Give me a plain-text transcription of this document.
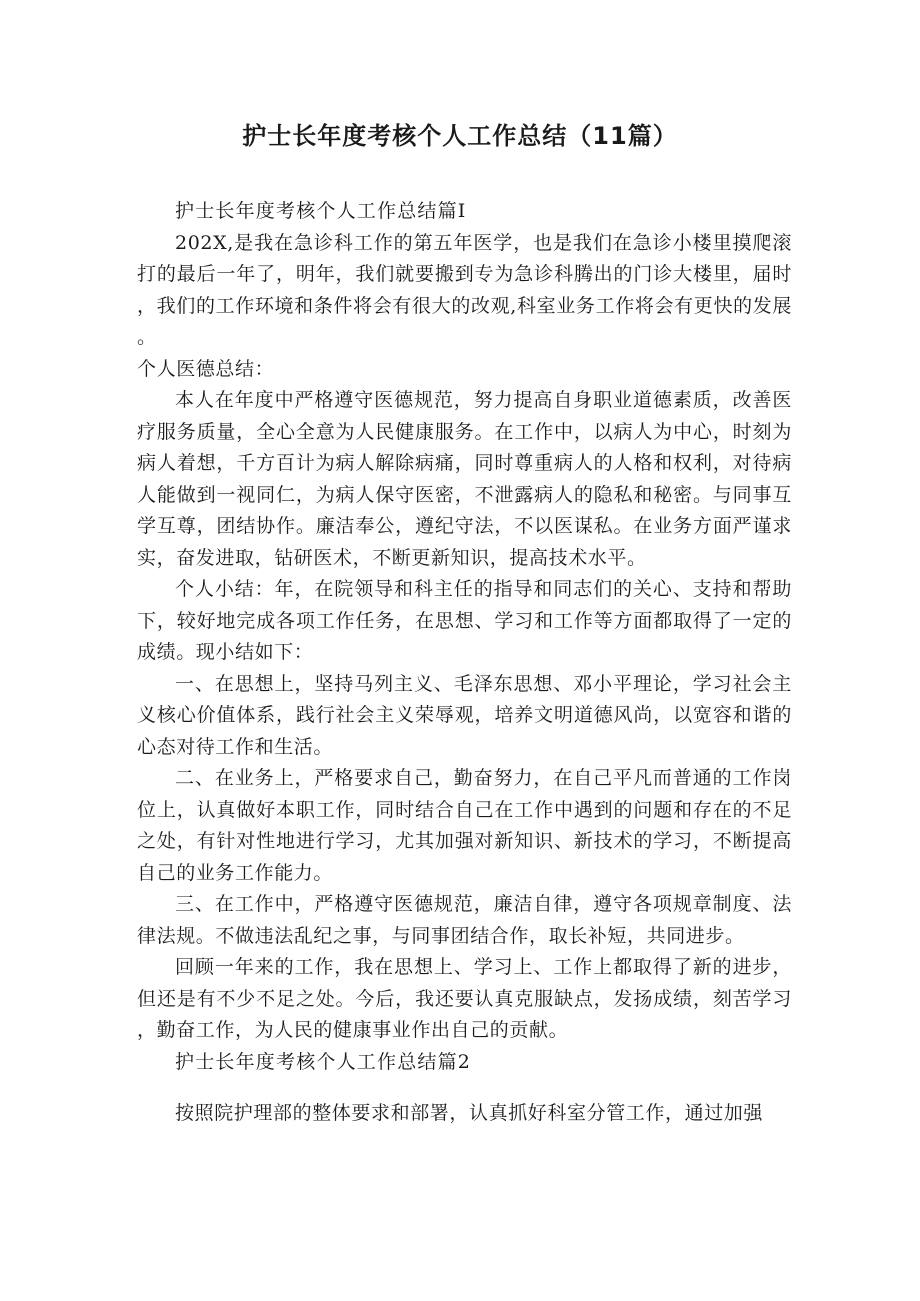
护士长年度考核个人工作总结（11篇）

护士长年度考核个人工作总结篇I

202X,是我在急诊科工作的第五年医学，也是我们在急诊小楼里摸爬滚打的最后一年了，明年，我们就要搬到专为急诊科腾出的门诊大楼里，届时，我们的工作环境和条件将会有很大的改观,科室业务工作将会有更快的发展。

个人医德总结：

本人在年度中严格遵守医德规范，努力提高自身职业道德素质，改善医疗服务质量，全心全意为人民健康服务。在工作中，以病人为中心，时刻为病人着想，千方百计为病人解除病痛，同时尊重病人的人格和权利，对待病人能做到一视同仁，为病人保守医密，不泄露病人的隐私和秘密。与同事互学互尊，团结协作。廉洁奉公，遵纪守法，不以医谋私。在业务方面严谨求实，奋发进取，钻研医术，不断更新知识，提高技术水平。

个人小结：年，在院领导和科主任的指导和同志们的关心、支持和帮助下，较好地完成各项工作任务，在思想、学习和工作等方面都取得了一定的成绩。现小结如下：

一、在思想上，坚持马列主义、毛泽东思想、邓小平理论，学习社会主义核心价值体系，践行社会主义荣辱观，培养文明道德风尚，以宽容和谐的心态对待工作和生活。

二、在业务上，严格要求自己，勤奋努力，在自己平凡而普通的工作岗位上，认真做好本职工作，同时结合自己在工作中遇到的问题和存在的不足之处，有针对性地进行学习，尤其加强对新知识、新技术的学习，不断提高自己的业务工作能力。

三、在工作中，严格遵守医德规范，廉洁自律，遵守各项规章制度、法律法规。不做违法乱纪之事，与同事团结合作，取长补短，共同进步。

回顾一年来的工作，我在思想上、学习上、工作上都取得了新的进步，但还是有不少不足之处。今后，我还要认真克服缺点，发扬成绩，刻苦学习，勤奋工作，为人民的健康事业作出自己的贡献。

护士长年度考核个人工作总结篇2

按照院护理部的整体要求和部署，认真抓好科室分管工作，通过加强
